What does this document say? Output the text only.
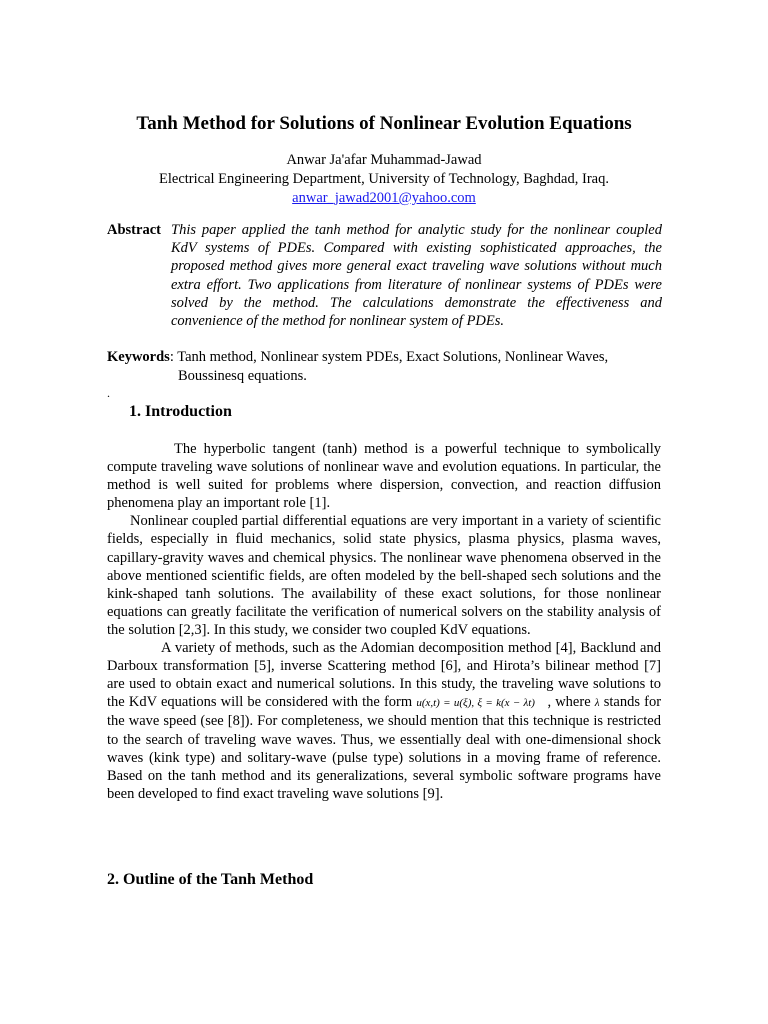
Tanh Method for Solutions of Nonlinear Evolution Equations
Anwar Ja'afar Muhammad-Jawad
Electrical Engineering Department, University of Technology, Baghdad, Iraq.
anwar_jawad2001@yahoo.com
Abstract This paper applied the tanh method for analytic study for the nonlinear coupled KdV systems of PDEs. Compared with existing sophisticated approaches, the proposed method gives more general exact traveling wave solutions without much extra effort. Two applications from literature of nonlinear systems of PDEs were solved by the method. The calculations demonstrate the effectiveness and convenience of the method for nonlinear system of PDEs.
Keywords: Tanh method, Nonlinear system PDEs, Exact Solutions, Nonlinear Waves,
Boussinesq equations.
.
1. Introduction

The hyperbolic tangent (tanh) method is a powerful technique to symbolically compute traveling wave solutions of nonlinear wave and evolution equations. In particular, the method is well suited for problems where dispersion, convection, and reaction diffusion phenomena play an important role [1].

Nonlinear coupled partial differential equations are very important in a variety of scientific fields, especially in fluid mechanics, solid state physics, plasma physics, plasma waves, capillary-gravity waves and chemical physics. The nonlinear wave phenomena observed in the above mentioned scientific fields, are often modeled by the bell-shaped sech solutions and the kink-shaped tanh solutions. The availability of these exact solutions, for those nonlinear equations can greatly facilitate the verification of numerical solvers on the stability analysis of the solution [2,3]. In this study, we consider two coupled KdV equations.

A variety of methods, such as the Adomian decomposition method [4], Backlund and Darboux transformation [5], inverse Scattering method [6], and Hirota’s bilinear method [7] are used to obtain exact and numerical solutions. In this study, the traveling wave solutions to the KdV equations will be considered with the form u(x,t) = u(ξ), ξ = k(x − λt) , where λ stands for the wave speed (see [8]). For completeness, we should mention that this technique is restricted to the search of traveling wave waves. Thus, we essentially deal with one-dimensional shock waves (kink type) and solitary-wave (pulse type) solutions in a moving frame of reference. Based on the tanh method and its generalizations, several symbolic software programs have been developed to find exact traveling wave solutions [9].

2. Outline of the Tanh Method
